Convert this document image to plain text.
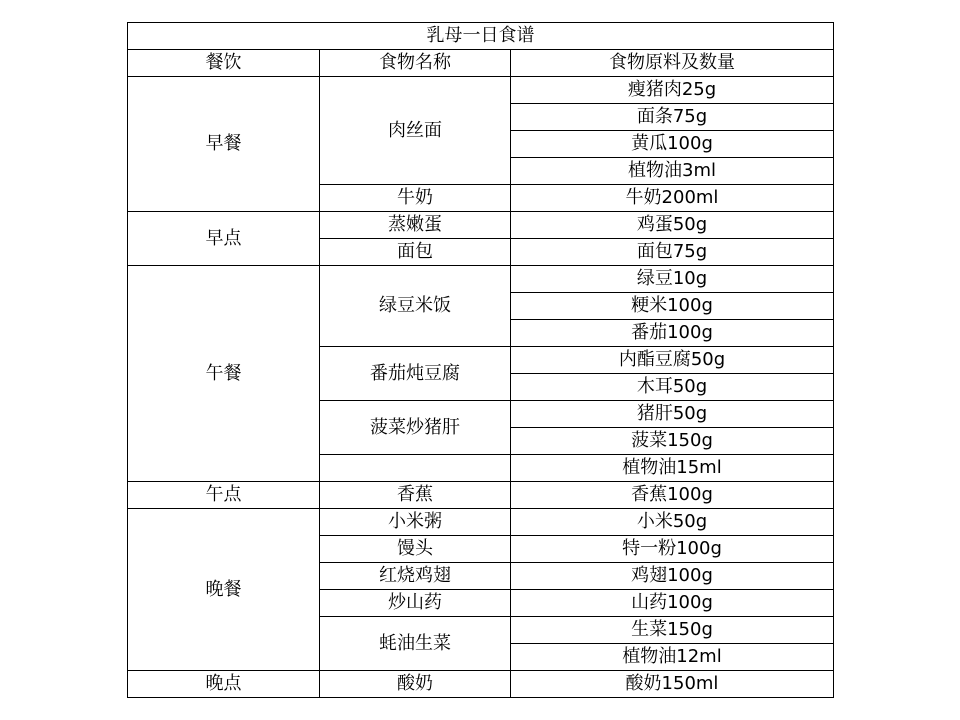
乳母一日食谱		
餐饮	食物名称	食物原料及数量
早餐	肉丝面	瘦猪肉25g
		面条75g
		黄瓜100g
		植物油3ml
	牛奶	牛奶200ml
早点	蒸嫩蛋	鸡蛋50g
	面包	面包75g
午餐	绿豆米饭	绿豆10g
		粳米100g
		番茄100g
	番茄炖豆腐	内酯豆腐50g
		木耳50g
	菠菜炒猪肝	猪肝50g
		菠菜150g
		植物油15ml
午点	香蕉	香蕉100g
晚餐	小米粥	小米50g
	馒头	特一粉100g
	红烧鸡翅	鸡翅100g
	炒山药	山药100g
	蚝油生菜	生菜150g
		植物油12ml
晚点	酸奶	酸奶150ml
